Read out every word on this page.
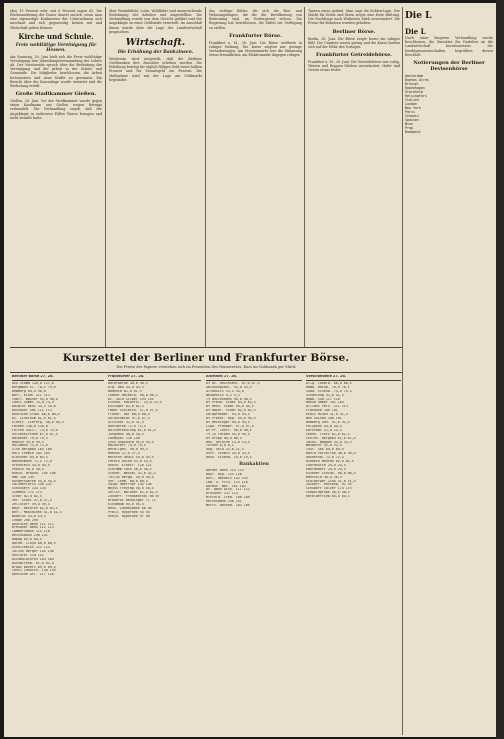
iden 15 Prozent sehr, mit 6 Prozent sagen 65. Die Rückwanderung der Dauer dauert zurück, wenn man eine eigenartige Konkurrenz der Unternehmen sich anschaut und sich gegenseitig keinen mit und Wirtschaft geben können.
Kirche und Schule.
Freie wohltätige Vereinigung für Hessen.
Am Samstag, 28. Juni hielt sich die Freie wohltätige Vereinigung ihre Jahreshauptversammlung der Lehrer ab. Der Vorsitzende sprach über die Bedeutung der Vereinigung und die Arbeit in der Schule und Gemeinde. Die Mitglieder beschlossen, die Arbeit fortzusetzen und neue Kräfte zu gewinnen. Ein Bericht über die Kassenlage wurde erstattet und die Entlastung erteilt.
Große Stadtkammer Gießen.
Gießen, 28. Juni. Vor der Strafkammer wurde gegen einen Kaufmann aus Gießen wegen Betrugs verhandelt. Die Verhandlung ergab, daß der Angeklagte in mehreren Fällen Waren bezogen und nicht bezahlt hatte.
über Rentabilität, Lohn, Wohlfahrt und unzureichende Entlohnung der Arbeiter und Angestellten. Die Verhandlung wurde von dem Gericht geführt und der Angeklagte zu einer Geldstrafe verurteilt. Im Anschluß daran wurde über die Lage der Landwirtschaft gesprochen.
Wirtschaft.
Die Erhöhung der Bankzinsen.
Wiederum wird mitgeteilt, daß die Berliner Großbanken ihre Zinssätze erhöhen werden. Die Erhöhung beträgt für täglich fälliges Geld einen halben Prozent und für Monatsgeld ein Prozent. Die Maßnahme wird mit der Lage am Geldmarkt begründet.
das richtige Bilder, die sich die Bau- und Wohnungsfragen, die für die Bevölkerung von Bedeutung sind, im Vordergrund stehen. Die Regierung hat beschlossen, die Mittel zur Verfügung zu stellen.
Frankfurter Börse.
Frankfurt a. M., 28. Juni. Die Börse eröffnete in ruhiger Haltung. Die Kurse zeigten nur geringe Veränderungen. Am Montanmarkt war die Stimmung etwas freundlicher, am Elektromarkt dagegen ruhiger.
Tauern einen Artikel. Man sagt die Kohlen-Lage. Der Markt für Kohle und Eisen zeigte eine feste Haltung. Die Nachfrage nach Walzeisen blieb unverändert. Die Preise für Roheisen wurden gehalten.
Berliner Börse.
Berlin, 28. Juni. Die Börse zeigte heute ein ruhiges Bild. Die Umsätze waren gering und die Kurse hielten sich auf der Höhe des Vortages.
Frankfurter Getreidebörse.
Frankfurt a. M., 28. Juni. Die Getreidebörse war ruhig. Weizen und Roggen blieben unverändert, Hafer und Gerste etwas fester.
Die L
Die L
Nach einer längeren Verhandlung wurde beschlossen, die Zinssätze für Darlehen an die Landwirtschaft herabzusetzen. Die Kreditgenossenschaften begrüßten diesen Beschluß.
Notierungen der Berliner Devisenbörse
Amsterdam
Buenos Aires
Brüssel
Kopenhagen
Stockholm
Helsingfors
Italien
London
New York
Paris
Schweiz
Spanien
Wien
Prag
Budapest
Kurszettel der Berliner und Frankfurter Börse.
Die Preise der Papiere verstehen sich im Prozenten des Nennwertes, Kurs im Goldmark per Stück
Berliner Börse 27. 28.
AEG Stamm 126,0 127,0
Bergmann El. 78,5 79,0
Bemberg 89,0 90,0
Berl. Kindl 212 213
Charl. Wasser 95,0 96,0
Conti Gummi 74,0 74,5
Daimler Benz 33,5 34,0
Dessauer Gas 112 113
Deutsche Erdöl 68,0 68,5
Dt. Linoleum 81,0 81,5
Elektr. Lieferg. 98,0 98,5
Farben 138,0 139,0
Felten Guill. 74,0 75,0
Gelsenkirchen 67,0 67,5
Harpener 79,0 79,5
Hoesch 59,0 59,5
Holzmann 71,0 72,0
Ilse Bergbau 165 166
Kali Chemie 103 104
Klöckner 65,0 65,5
Mannesmann 71,5 72,0
Orenstein 44,0 44,5
Phönix 50,0 50,5
Rhein. Braunk. 195 196
RWE 148 149
Rütgerswerke 54,0 54,5
Salzdetfurth 230 231
Schuckert 133 134
Siemens 172 173
Stöhr 82,0 82,5
Ver. Stahl 57,0 57,5
Zellstoff 59,0 59,5
Bayr. Motoren 62,0 62,5
Berl. Maschinen 41,0 41,5
Buderus 53,0 53,5
Chade 298 299
Deutsche Bank 111 112
Dresdner Bank 112 113
Commerzbank 115 116
Reichsbank 230 231
Hapag 84,0 84,5
Nordd. Lloyd 86,0 86,5
Schultheiss 122 123
Julius Berger 145 146
Gesfürel 110 111
Accumulatoren 163 164
Aschaffenb. 61,0 61,5
Brown Boveri 89,0 89,5
Conti Caoutch. 138 139
Deutsche Atl. 117 118
Frankfurter 27. 28.
Adlerwerke 30,0 30,5
Alg. Bau 44,0 44,5
Badenia 61,0 61,5
Cement Heidelb. 98,0 98,5
Dt. Gold Silber 154 155
Eisenw. Kaisersl. 23,0 23,5
Enzinger 82,0 82,5
Faber Schleich. 57,0 57,5
Frankf. Hof 68,0 68,5
Goldschmidt 47,0 47,5
Gritzner 31,0 31,5
Hanfwerke 72,0 72,5
Holzverkohlung 61,0 61,5
Junghans 40,0 40,5
Lahmeyer 139 140
Lech Augsburg 95,0 95,5
Mainkraft 75,0 75,5
Metallges. 99,0 99,5
Moenus 27,0 27,5
Motoren Deutz 45,0 45,5
Peters Union 53,0 53,5
Rhein. Elektr. 120 121
Schramm Lack 58,0 58,5
Schuhf. Wessel 42,0 42,5
Tellus Bergb. 49,0 49,5
Ver. Chem. 80,0 80,5
Voigt Haeffner 145 146
Wayss Freytag 58,0 58,5
Zellst. Waldhof 62,0 62,5
Zuckerf. Frankenthal 66 67
Brauerei Henninger 71 72
Eichbaum 95,0 95,5
Hess. Landesbank 88 89
Pfälz. Hypothek 93 94
Rhein. Hypothek 97 98
Anleihen 27. 28.
6% Dt. Reichsanl. 87,0 87,5
Ablösungsanl. 53,0 53,5
Altbesitz 53,5 54,0
Neubesitz 9,2 9,3
7% Reichsbahn 90,0 90,5
6% Preuß. Staat 83,0 83,5
8% Hess. Staat 94,0 94,5
6% Bayer. Staat 82,0 82,5
Goldpfandbr. 93,0 93,5
8% Frankf. Hyp. 95,0 95,5
8% Meininger 94,0 94,5
Liqu. Pfandbr. 97,0 97,5
8% Pr. Centr. 96,0 96,5
7% IG Farben 95,0 95,5
6% Krupp 88,0 88,5
Mex. Anleihe 13,0 13,5
Türken 6,0 6,1
Ung. Gold 21,0 21,5
Östr. Schatz 25,0 25,5
Bosn. Eisenb. 19,0 19,5
Bankaktien
Barmer Bank 114 115
Bayr. Hyp. 125 126
Berl. Handels 142 143
Com. u. Priv. 115 116
Darmst. Nat. 182 183
Dt. Bank Disk. 111 112
Dresdner 112 113
Mitteld. Cred. 108 109
Reichsbank 230 231
Württ. Notenb. 103 104
Verschiedene 27. 28.
Allg. Lokalb. 86,0 86,5
Hamb. Hochb. 76,0 76,5
Südd. Eisenb. 74,0 74,5
Schantung 41,0 41,5
Hamb. Süd 117 118
Hansa Dampf 102 103
Allianz Vers. 212 213
Frankona 180 181
Otavi Minen 31,0 31,5
Neu Guinea 180 181
Bemberg Gen. 91,0 91,5
Polyphon 44,0 44,5
Karstadt 22,0 22,5
Leonh. Tietz 62,0 62,5
Schles. Bergbau 61,0 61,5
Sächs. Waggon 33,0 33,5
Wanderer 52,0 52,5
Thür. Gas 89,0 89,5
Kahla Porzellan 36,0 36,5
Rosenthal 72,0 72,5
Riebeck Montan 82,0 82,5
Laurahütte 24,0 24,5
Oberbedarf 29,0 29,5
Essener Steink. 88,0 88,5
Mansfeld 36,0 36,5
Stolberger Zink 51,0 51,5
Zuckerf. Rastenb. 92 93
Schubert Salzer 174 175
Leopoldgrube 40,0 40,5
Hotelbetrieb 64,0 64,5
